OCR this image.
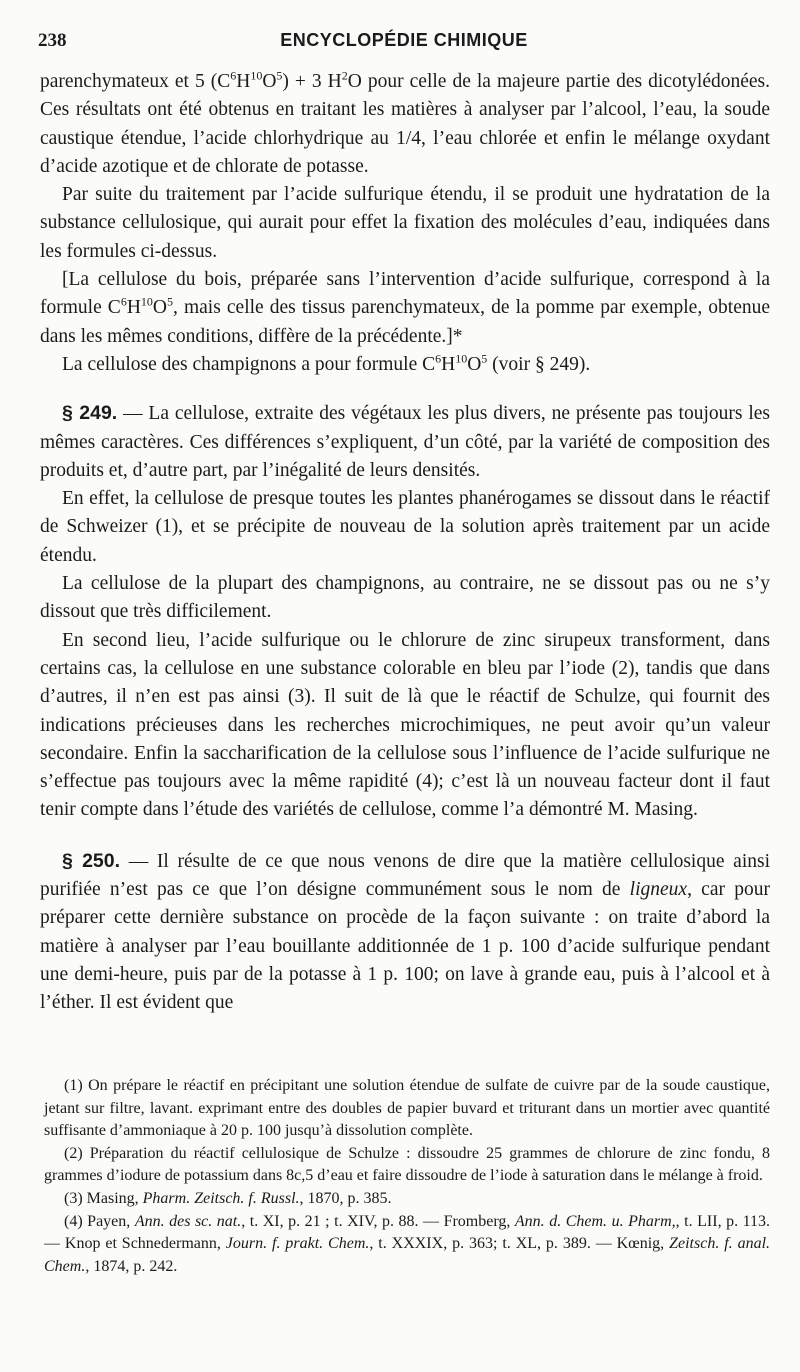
238	ENCYCLOPÉDIE CHIMIQUE

parenchymateux et 5 $(C^6H^{10}O^5) + 3$ $H^2O$ pour celle de la majeure partie des dicotylédonées. Ces résultats ont été obtenus en traitant les matières à analyser par l’alcool, l’eau, la soude caustique étendue, l’acide chlorhydrique au 1/4, l’eau chlorée et enfin le mélange oxydant d’acide azotique et de chlorate de potasse.

Par suite du traitement par l’acide sulfurique étendu, il se produit une hydratation de la substance cellulosique, qui aurait pour effet la fixation des molécules d’eau, indiquées dans les formules ci-dessus.

[La cellulose du bois, préparée sans l’intervention d’acide sulfurique, correspond à la formule $C^6H^{10}O^5$, mais celle des tissus parenchymateux, de la pomme par exemple, obtenue dans les mêmes conditions, diffère de la précédente.]*

La cellulose des champignons a pour formule $C^6H^{10}O^5$ (voir § 249).

§ 249. — La cellulose, extraite des végétaux les plus divers, ne présente pas toujours les mêmes caractères. Ces différences s’expliquent, d’un côté, par la variété de composition des produits et, d’autre part, par l’inégalité de leurs densités.

En effet, la cellulose de presque toutes les plantes phanérogames se dissout dans le réactif de Schweizer (1), et se précipite de nouveau de la solution après traitement par un acide étendu.

La cellulose de la plupart des champignons, au contraire, ne se dissout pas ou ne s’y dissout que très difficilement.

En second lieu, l’acide sulfurique ou le chlorure de zinc sirupeux transforment, dans certains cas, la cellulose en une substance colorable en bleu par l’iode (2), tandis que dans d’autres, il n’en est pas ainsi (3). Il suit de là que le réactif de Schulze, qui fournit des indications précieuses dans les recherches microchimiques, ne peut avoir qu’un valeur secondaire. Enfin la saccharification de la cellulose sous l’influence de l’acide sulfurique ne s’effectue pas toujours avec la même rapidité (4); c’est là un nouveau facteur dont il faut tenir compte dans l’étude des variétés de cellulose, comme l’a démontré M. Masing.

§ 250. — Il résulte de ce que nous venons de dire que la matière cellulosique ainsi purifiée n’est pas ce que l’on désigne communément sous le nom de ligneux, car pour préparer cette dernière substance on procède de la façon suivante : on traite d’abord la matière à analyser par l’eau bouillante additionnée de 1 p. 100 d’acide sulfurique pendant une demi-heure, puis par de la potasse à 1 p. 100; on lave à grande eau, puis à l’alcool et à l’éther. Il est évident que

(1) On prépare le réactif en précipitant une solution étendue de sulfate de cuivre par de la soude caustique, jetant sur filtre, lavant. exprimant entre des doubles de papier buvard et triturant dans un mortier avec quantité suffisante d’ammoniaque à 20 p. 100 jusqu’à dissolution complète.

(2) Préparation du réactif cellulosique de Schulze : dissoudre 25 grammes de chlorure de zinc fondu, 8 grammes d’iodure de potassium dans 8c,5 d’eau et faire dissoudre de l’iode à saturation dans le mélange à froid.

(3) Masing, Pharm. Zeitsch. f. Russl., 1870, p. 385.

(4) Payen, Ann. des sc. nat., t. XI, p. 21 ; t. XIV, p. 88. — Fromberg, Ann. d. Chem. u. Pharm,, t. LII, p. 113. — Knop et Schnedermann, Journ. f. prakt. Chem., t. XXXIX, p. 363; t. XL, p. 389. — Kœnig, Zeitsch. f. anal. Chem., 1874, p. 242.
